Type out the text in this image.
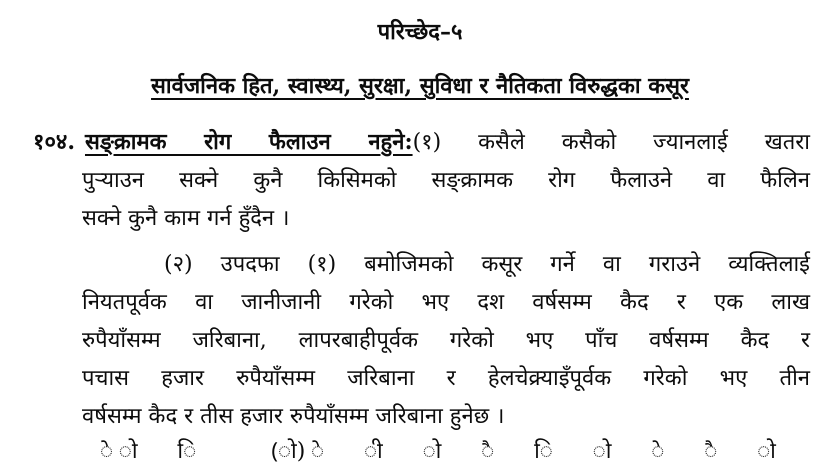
परिच्छेद–५
सार्वजनिक हित, स्वास्थ्य, सुरक्षा, सुविधा र नैतिकता विरुद्धका कसूर
१०४. सङ्क्रामक रोग फैलाउन नहुने:(१) कसैले कसैको ज्यानलाई खतरा
पुऱ्याउन सक्ने कुनै किसिमको सङ्क्रामक रोग फैलाउने वा फैलिन
सक्ने कुनै काम गर्न हुँदैन ।
(२) उपदफा (१) बमोजिमको कसूर गर्ने वा गराउने व्यक्तिलाई
नियतपूर्वक वा जानीजानी गरेको भए दश वर्षसम्म कैद र एक लाख
रुपैयाँसम्म जरिबाना, लापरबाहीपूर्वक गरेको भए पाँच वर्षसम्म कैद र
पचास हजार रुपैयाँसम्म जरिबाना र हेलचेक्र्याइँपूर्वक गरेको भए तीन
वर्षसम्म कैद र तीस हजार रुपैयाँसम्म जरिबाना हुनेछ ।
े ो ि (ो) े ी ो ै ि ो े ै ो
